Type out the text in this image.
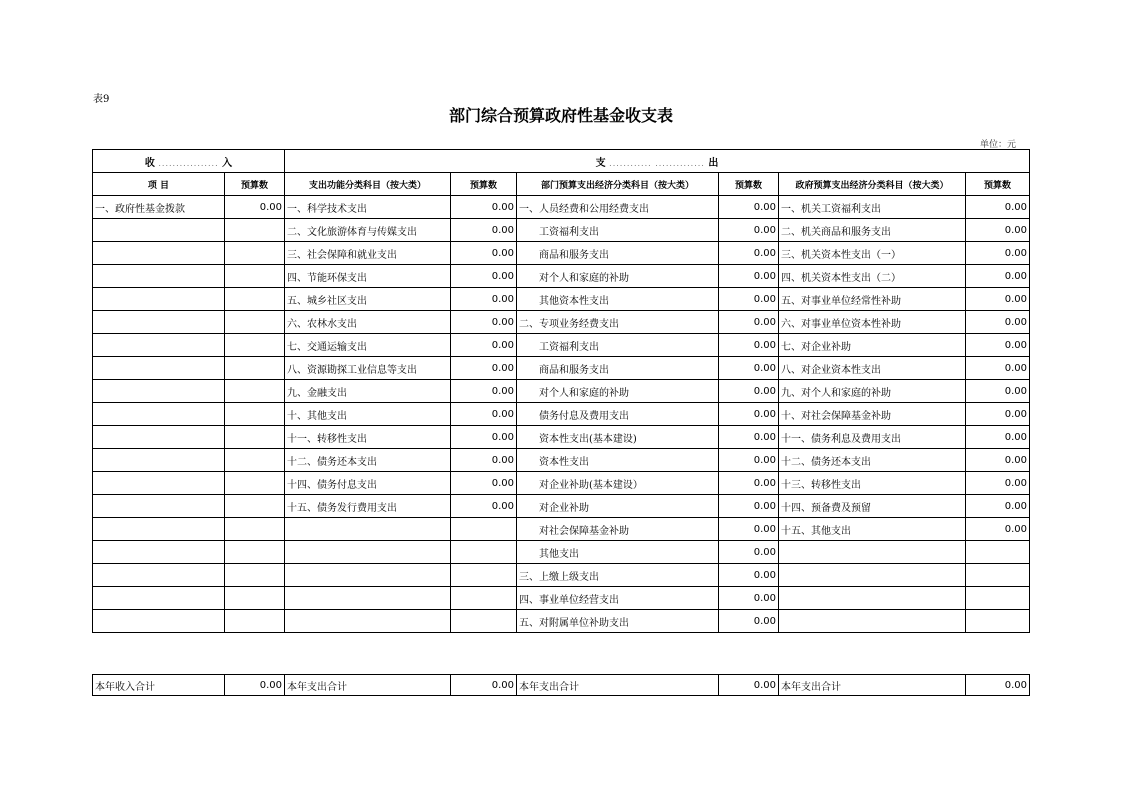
表9
部门综合预算政府性基金收支表
单位：元
收 ................. 入		支 ............ .............. 出					
项 目	预算数	支出功能分类科目（按大类）	预算数	部门预算支出经济分类科目（按大类）	预算数	政府预算支出经济分类科目（按大类）	预算数
一、政府性基金拨款	0.00	一、科学技术支出	0.00	一、人员经费和公用经费支出	0.00	一、机关工资福利支出	0.00
		二、文化旅游体育与传媒支出	0.00	工资福利支出	0.00	二、机关商品和服务支出	0.00
		三、社会保障和就业支出	0.00	商品和服务支出	0.00	三、机关资本性支出（一）	0.00
		四、节能环保支出	0.00	对个人和家庭的补助	0.00	四、机关资本性支出（二）	0.00
		五、城乡社区支出	0.00	其他资本性支出	0.00	五、对事业单位经常性补助	0.00
		六、农林水支出	0.00	二、专项业务经费支出	0.00	六、对事业单位资本性补助	0.00
		七、交通运输支出	0.00	工资福利支出	0.00	七、对企业补助	0.00
		八、资源勘探工业信息等支出	0.00	商品和服务支出	0.00	八、对企业资本性支出	0.00
		九、金融支出	0.00	对个人和家庭的补助	0.00	九、对个人和家庭的补助	0.00
		十、其他支出	0.00	债务付息及费用支出	0.00	十、对社会保障基金补助	0.00
		十一、转移性支出	0.00	资本性支出(基本建设)	0.00	十一、债务利息及费用支出	0.00
		十二、债务还本支出	0.00	资本性支出	0.00	十二、债务还本支出	0.00
		十四、债务付息支出	0.00	对企业补助(基本建设）	0.00	十三、转移性支出	0.00
		十五、债务发行费用支出	0.00	对企业补助	0.00	十四、预备费及预留	0.00
				对社会保障基金补助	0.00	十五、其他支出	0.00
				其他支出	0.00		
				三、上缴上级支出	0.00		
				四、事业单位经营支出	0.00		
				五、对附属单位补助支出	0.00		
本年收入合计	0.00	本年支出合计	0.00	本年支出合计	0.00	本年支出合计	0.00
